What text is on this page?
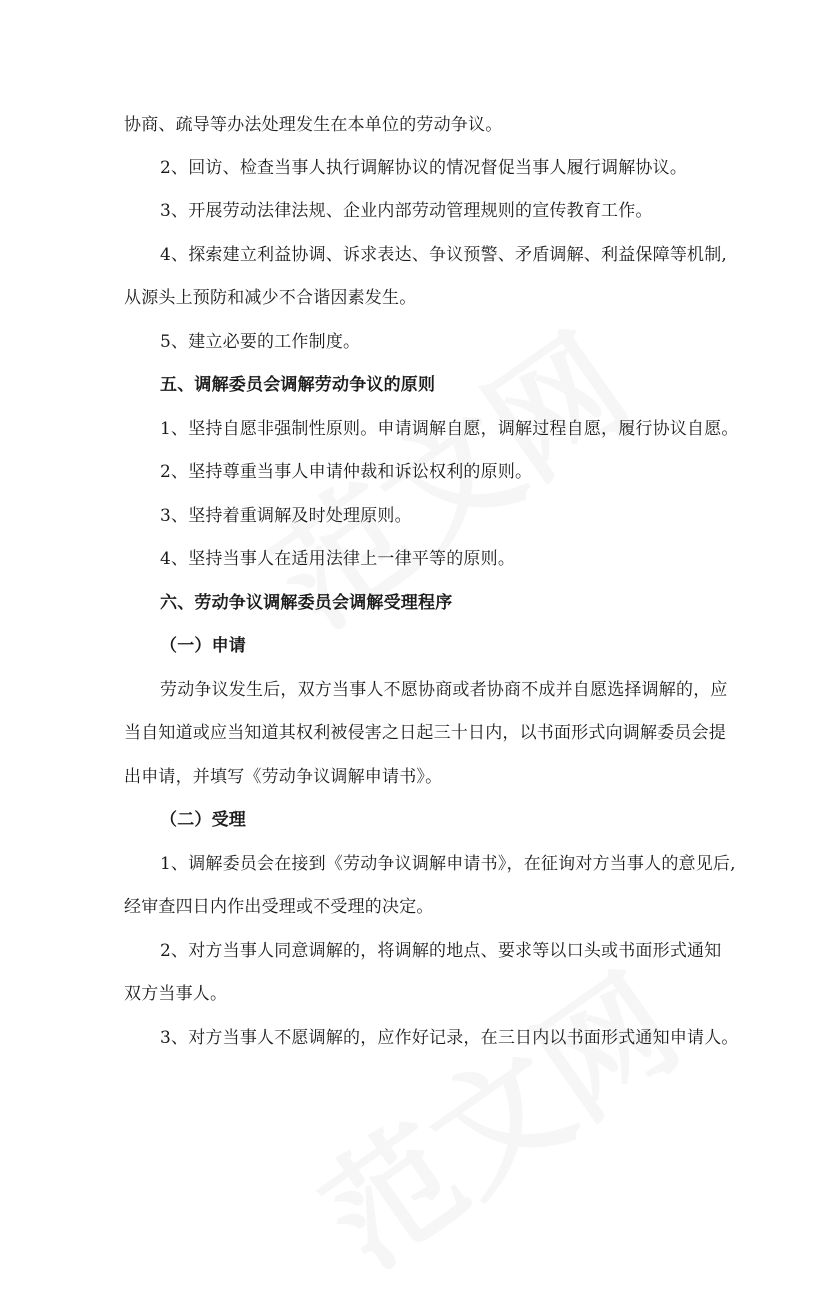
协商、疏导等办法处理发生在本单位的劳动争议。
2、回访、检查当事人执行调解协议的情况督促当事人履行调解协议。
3、开展劳动法律法规、企业内部劳动管理规则的宣传教育工作。
4、探索建立利益协调、诉求表达、争议预警、矛盾调解、利益保障等机制,
从源头上预防和减少不合谐因素发生。
5、建立必要的工作制度。
五、调解委员会调解劳动争议的原则
1、坚持自愿非强制性原则。申请调解自愿，调解过程自愿，履行协议自愿。
2、坚持尊重当事人申请仲裁和诉讼权利的原则。
3、坚持着重调解及时处理原则。
4、坚持当事人在适用法律上一律平等的原则。
六、劳动争议调解委员会调解受理程序
（一）申请
劳动争议发生后，双方当事人不愿协商或者协商不成并自愿选择调解的，应
当自知道或应当知道其权利被侵害之日起三十日内，以书面形式向调解委员会提
出申请，并填写《劳动争议调解申请书》。
（二）受理
1、调解委员会在接到《劳动争议调解申请书》，在征询对方当事人的意见后,
经审查四日内作出受理或不受理的决定。
2、对方当事人同意调解的，将调解的地点、要求等以口头或书面形式通知
双方当事人。
3、对方当事人不愿调解的，应作好记录，在三日内以书面形式通知申请人。
